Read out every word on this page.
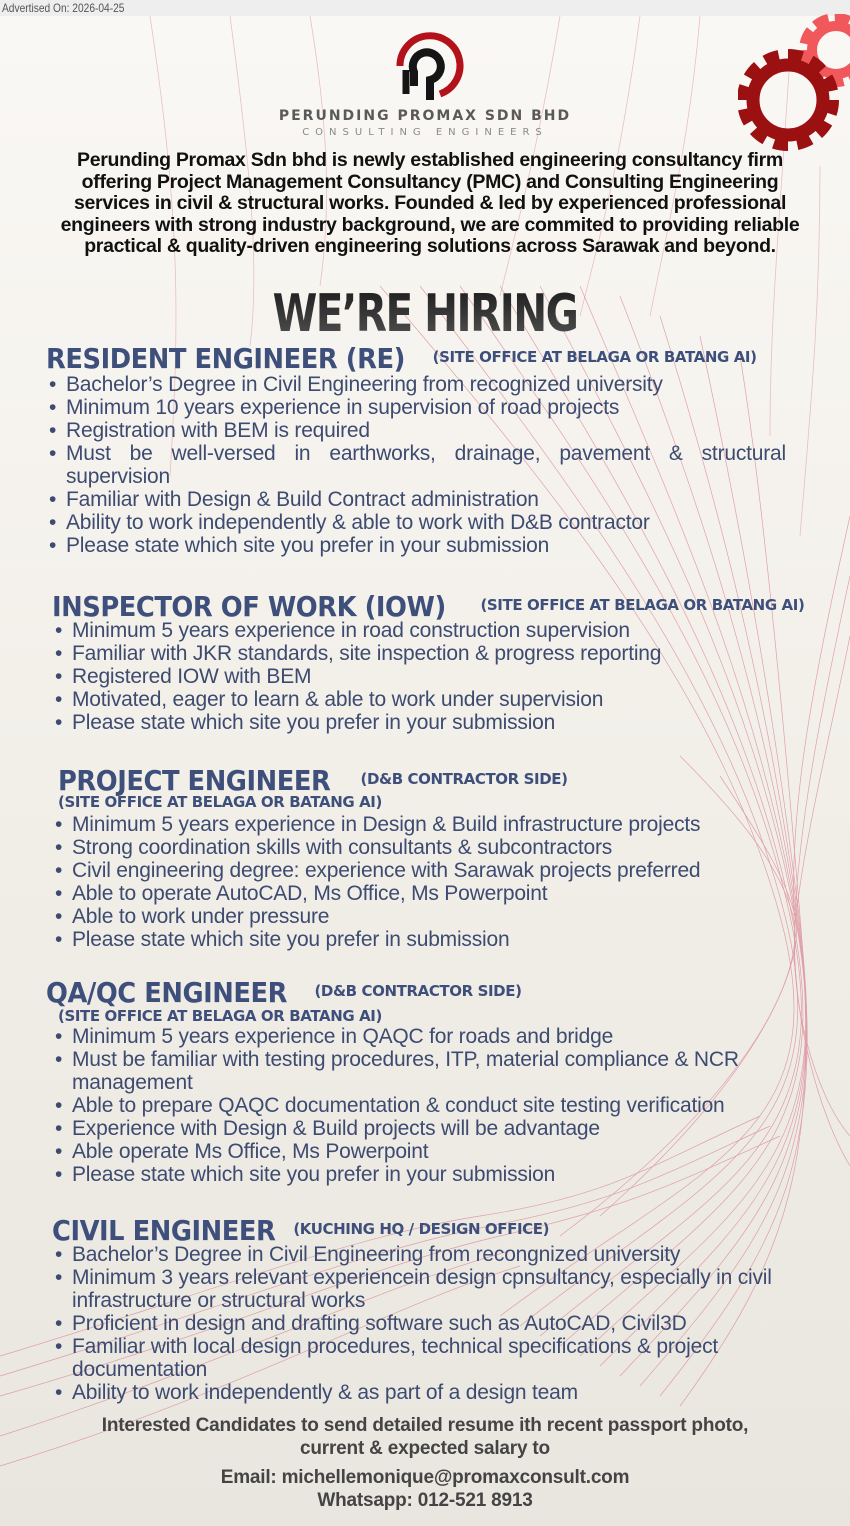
Advertised On: 2026-04-25
PERUNDING PROMAX SDN BHD
CONSULTING ENGINEERS
Perunding Promax Sdn bhd is newly established engineering consultancy firm offering Project Management Consultancy (PMC) and Consulting Engineering services in civil & structural works. Founded & led by experienced professional engineers with strong industry background, we are commited to providing reliable practical & quality-driven engineering solutions across Sarawak and beyond.
WE’RE HIRING
RESIDENT ENGINEER (RE) (SITE OFFICE AT BELAGA OR BATANG AI)
• Bachelor’s Degree in Civil Engineering from recognized university
• Minimum 10 years experience in supervision of road projects
• Registration with BEM is required
• Must be well-versed in earthworks, drainage, pavement & structural supervision
• Familiar with Design & Build Contract administration
• Ability to work independently & able to work with D&B contractor
• Please state which site you prefer in your submission
INSPECTOR OF WORK (IOW) (SITE OFFICE AT BELAGA OR BATANG AI)
• Minimum 5 years experience in road construction supervision
• Familiar with JKR standards, site inspection & progress reporting
• Registered IOW with BEM
• Motivated, eager to learn & able to work under supervision
• Please state which site you prefer in your submission
PROJECT ENGINEER (D&B CONTRACTOR SIDE)
(SITE OFFICE AT BELAGA OR BATANG AI)
• Minimum 5 years experience in Design & Build infrastructure projects
• Strong coordination skills with consultants & subcontractors
• Civil engineering degree: experience with Sarawak projects preferred
• Able to operate AutoCAD, Ms Office, Ms Powerpoint
• Able to work under pressure
• Please state which site you prefer in submission
QA/QC ENGINEER (D&B CONTRACTOR SIDE)
(SITE OFFICE AT BELAGA OR BATANG AI)
• Minimum 5 years experience in QAQC for roads and bridge
• Must be familiar with testing procedures, ITP, material compliance & NCR management
• Able to prepare QAQC documentation & conduct site testing verification
• Experience with Design & Build projects will be advantage
• Able operate Ms Office, Ms Powerpoint
• Please state which site you prefer in your submission
CIVIL ENGINEER (KUCHING HQ / DESIGN OFFICE)
• Bachelor’s Degree in Civil Engineering from recongnized university
• Minimum 3 years relevant experiencein design cpnsultancy, especially in civil infrastructure or structural works
• Proficient in design and drafting software such as AutoCAD, Civil3D
• Familiar with local design procedures, technical specifications & project documentation
• Ability to work independently & as part of a design team
Interested Candidates to send detailed resume ith recent passport photo,
current & expected salary to
Email: michellemonique@promaxconsult.com
Whatsapp: 012-521 8913
